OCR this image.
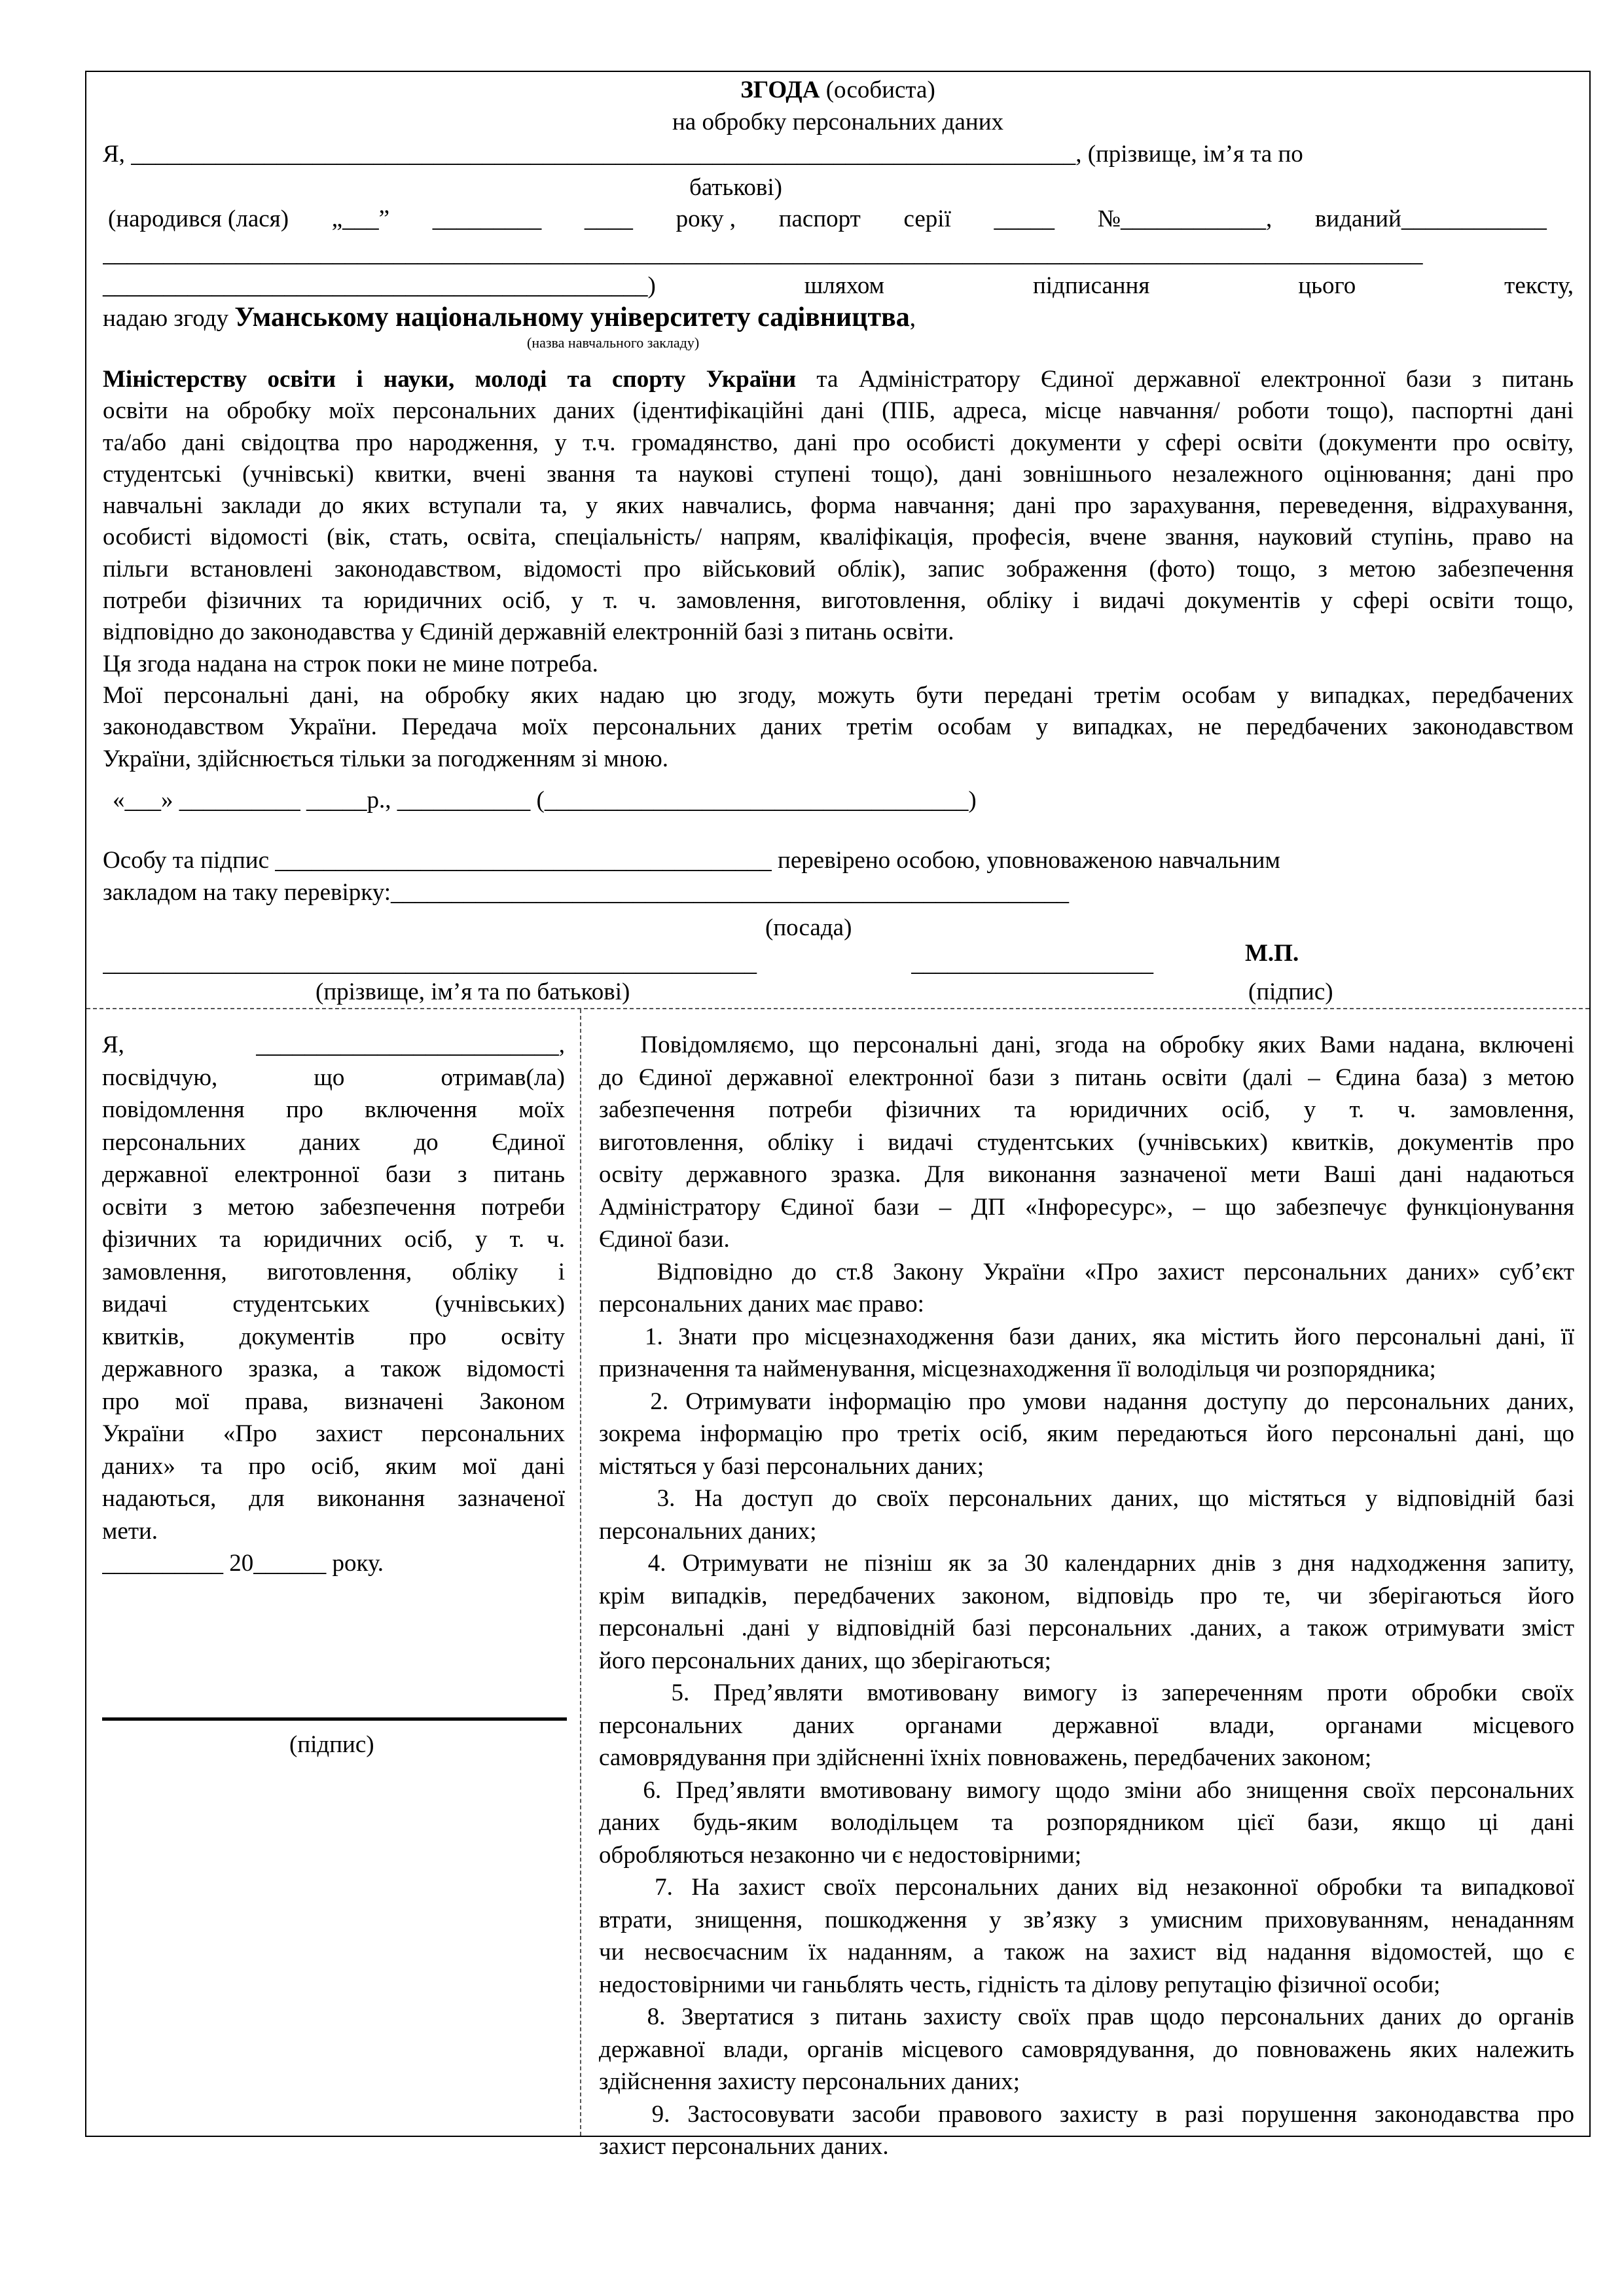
ЗГОДА (особиста)
на обробку персональних даних
Я, ______________________________________________________________________________, (прізвище, ім’я та по
батькові)
(народився (лася) „___” _________ ____ року , паспорт серії _____ №____________, виданий____________
_____________________________________________________________________________________________________________
_____________________________________________)	шляхом	підписання	цього	тексту,
надаю згоду Уманському національному університету садівництва,
(назва навчального закладу)
Міністерству освіти і науки, молоді та спорту України та Адміністратору Єдиної державної електронної бази з питань
освіти на обробку моїх персональних даних (ідентифікаційні дані (ПІБ, адреса, місце навчання/ роботи тощо), паспортні дані
та/або дані свідоцтва про народження, у т.ч. громадянство, дані про особисті документи у сфері освіти (документи про освіту,
студентські (учнівські) квитки, вчені звання та наукові ступені тощо), дані зовнішнього незалежного оцінювання; дані про
навчальні заклади до яких вступали та, у яких навчались, форма навчання; дані про зарахування, переведення, відрахування,
особисті відомості (вік, стать, освіта, спеціальність/ напрям, кваліфікація, професія, вчене звання, науковий ступінь, право на
пільги встановлені законодавством, відомості про військовий облік), запис зображення (фото) тощо, з метою забезпечення
потреби фізичних та юридичних осіб, у т. ч. замовлення, виготовлення, обліку і видачі документів у сфері освіти тощо,
відповідно до законодавства у Єдиній державній електронній базі з питань освіти.
Ця згода надана на строк поки не мине потреба.
Мої персональні дані, на обробку яких надаю цю згоду, можуть бути передані третім особам у випадках, передбачених
законодавством України. Передача моїх персональних даних третім особам у випадках, не передбачених законодавством
України, здійснюється тільки за погодженням зі мною.
«___» __________ _____р., ___________ (___________________________________)
Особу та підпис _________________________________________ перевірено особою, уповноваженою навчальним
закладом на таку перевірку:________________________________________________________
(посада)
______________________________________________________	____________________	М.П.
(прізвище, ім’я та по батькові)	(підпис)
Я, _________________________,
посвідчую, що отримав(ла)
повідомлення про включення моїх
персональних даних до Єдиної
державної електронної бази з питань
освіти з метою забезпечення потреби
фізичних та юридичних осіб, у т. ч.
замовлення, виготовлення, обліку і
видачі студентських (учнівських)
квитків, документів про освіту
державного зразка, а також відомості
про мої права, визначені Законом
України «Про захист персональних
даних» та про осіб, яким мої дані
надаються, для виконання зазначеної
мети.
__________ 20______ року.
(підпис)
Повідомляємо, що персональні дані, згода на обробку яких Вами надана, включені
до Єдиної державної електронної бази з питань освіти (далі – Єдина база) з метою
забезпечення потреби фізичних та юридичних осіб, у т. ч. замовлення,
виготовлення, обліку і видачі студентських (учнівських) квитків, документів про
освіту державного зразка. Для виконання зазначеної мети Ваші дані надаються
Адміністратору Єдиної бази – ДП «Інфоресурс», – що забезпечує функціонування
Єдиної бази.
Відповідно до ст.8 Закону України «Про захист персональних даних» суб’єкт
персональних даних має право:
1. Знати про місцезнаходження бази даних, яка містить його персональні дані, її
призначення та найменування, місцезнаходження її володільця чи розпорядника;
2. Отримувати інформацію про умови надання доступу до персональних даних,
зокрема інформацію про третіх осіб, яким передаються його персональні дані, що
містяться у базі персональних даних;
3. На доступ до своїх персональних даних, що містяться у відповідній базі
персональних даних;
4. Отримувати не пізніш як за 30 календарних днів з дня надходження запиту,
крім випадків, передбачених законом, відповідь про те, чи зберігаються його
персональні .дані у відповідній базі персональних .даних, а також отримувати зміст
його персональних даних, що зберігаються;
5. Пред’являти вмотивовану вимогу із запереченням проти обробки своїх
персональних даних органами державної влади, органами місцевого
самоврядування при здійсненні їхніх повноважень, передбачених законом;
6. Пред’являти вмотивовану вимогу щодо зміни або знищення своїх персональних
даних будь-яким володільцем та розпорядником цієї бази, якщо ці дані
обробляються незаконно чи є недостовірними;
7. На захист своїх персональних даних від незаконної обробки та випадкової
втрати, знищення, пошкодження у зв’язку з умисним приховуванням, ненаданням
чи несвоєчасним їх наданням, а також на захист від надання відомостей, що є
недостовірними чи ганьблять честь, гідність та ділову репутацію фізичної особи;
8. Звертатися з питань захисту своїх прав щодо персональних даних до органів
державної влади, органів місцевого самоврядування, до повноважень яких належить
здійснення захисту персональних даних;
9. Застосовувати засоби правового захисту в разі порушення законодавства про
захист персональних даних.
